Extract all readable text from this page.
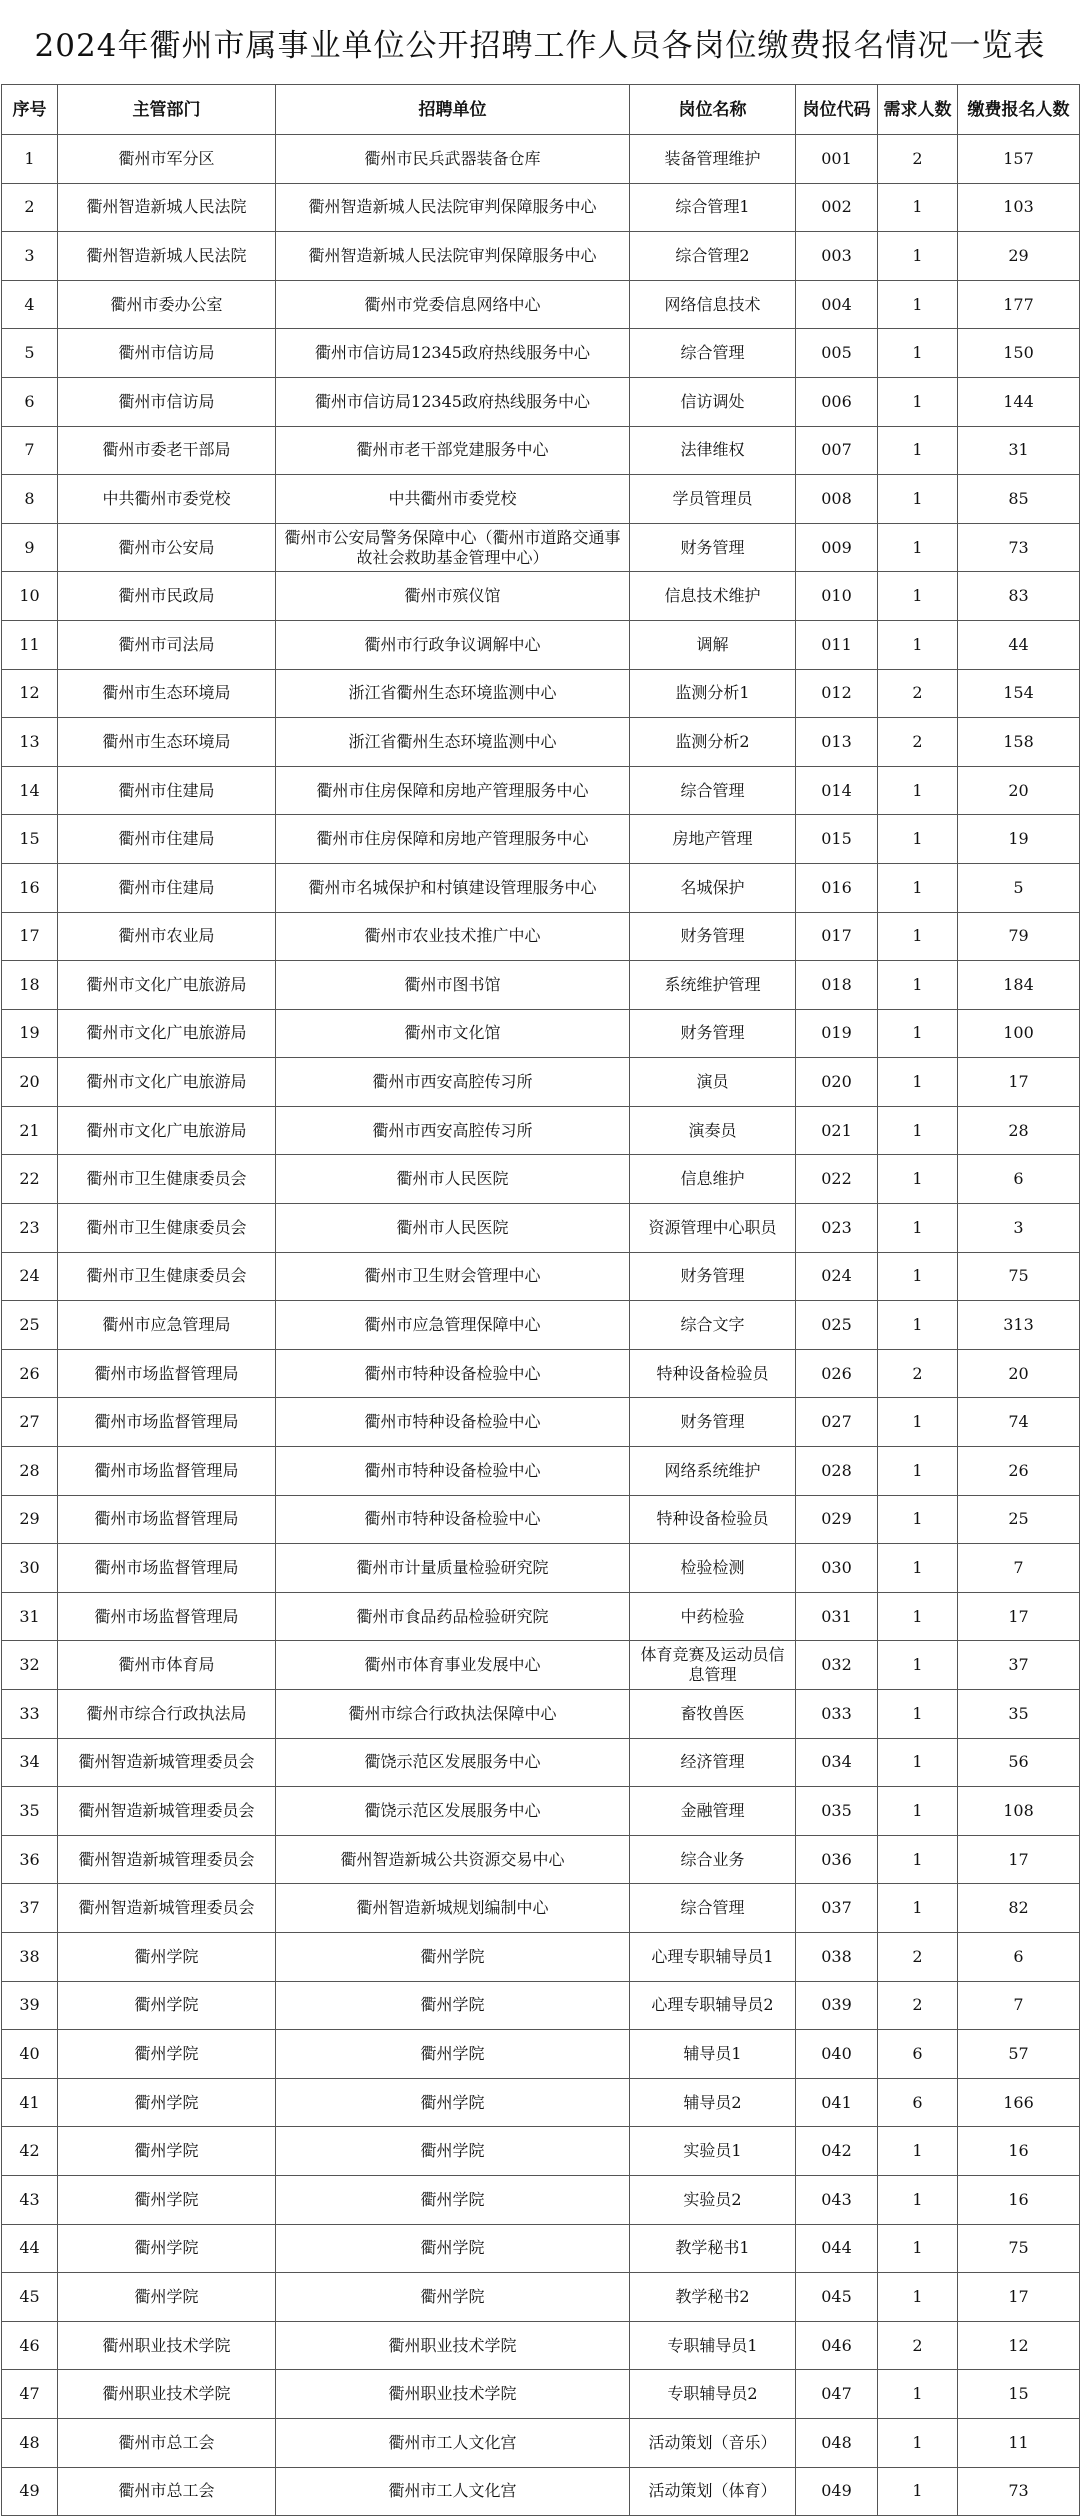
2024年衢州市属事业单位公开招聘工作人员各岗位缴费报名情况一览表
序号	主管部门	招聘单位	岗位名称	岗位代码	需求人数	缴费报名人数
1	衢州市军分区	衢州市民兵武器装备仓库	装备管理维护	001	2	157
2	衢州智造新城人民法院	衢州智造新城人民法院审判保障服务中心	综合管理1	002	1	103
3	衢州智造新城人民法院	衢州智造新城人民法院审判保障服务中心	综合管理2	003	1	29
4	衢州市委办公室	衢州市党委信息网络中心	网络信息技术	004	1	177
5	衢州市信访局	衢州市信访局12345政府热线服务中心	综合管理	005	1	150
6	衢州市信访局	衢州市信访局12345政府热线服务中心	信访调处	006	1	144
7	衢州市委老干部局	衢州市老干部党建服务中心	法律维权	007	1	31
8	中共衢州市委党校	中共衢州市委党校	学员管理员	008	1	85
9	衢州市公安局	衢州市公安局警务保障中心（衢州市道路交通事故社会救助基金管理中心）	财务管理	009	1	73
10	衢州市民政局	衢州市殡仪馆	信息技术维护	010	1	83
11	衢州市司法局	衢州市行政争议调解中心	调解	011	1	44
12	衢州市生态环境局	浙江省衢州生态环境监测中心	监测分析1	012	2	154
13	衢州市生态环境局	浙江省衢州生态环境监测中心	监测分析2	013	2	158
14	衢州市住建局	衢州市住房保障和房地产管理服务中心	综合管理	014	1	20
15	衢州市住建局	衢州市住房保障和房地产管理服务中心	房地产管理	015	1	19
16	衢州市住建局	衢州市名城保护和村镇建设管理服务中心	名城保护	016	1	5
17	衢州市农业局	衢州市农业技术推广中心	财务管理	017	1	79
18	衢州市文化广电旅游局	衢州市图书馆	系统维护管理	018	1	184
19	衢州市文化广电旅游局	衢州市文化馆	财务管理	019	1	100
20	衢州市文化广电旅游局	衢州市西安高腔传习所	演员	020	1	17
21	衢州市文化广电旅游局	衢州市西安高腔传习所	演奏员	021	1	28
22	衢州市卫生健康委员会	衢州市人民医院	信息维护	022	1	6
23	衢州市卫生健康委员会	衢州市人民医院	资源管理中心职员	023	1	3
24	衢州市卫生健康委员会	衢州市卫生财会管理中心	财务管理	024	1	75
25	衢州市应急管理局	衢州市应急管理保障中心	综合文字	025	1	313
26	衢州市场监督管理局	衢州市特种设备检验中心	特种设备检验员	026	2	20
27	衢州市场监督管理局	衢州市特种设备检验中心	财务管理	027	1	74
28	衢州市场监督管理局	衢州市特种设备检验中心	网络系统维护	028	1	26
29	衢州市场监督管理局	衢州市特种设备检验中心	特种设备检验员	029	1	25
30	衢州市场监督管理局	衢州市计量质量检验研究院	检验检测	030	1	7
31	衢州市场监督管理局	衢州市食品药品检验研究院	中药检验	031	1	17
32	衢州市体育局	衢州市体育事业发展中心	体育竞赛及运动员信息管理	032	1	37
33	衢州市综合行政执法局	衢州市综合行政执法保障中心	畜牧兽医	033	1	35
34	衢州智造新城管理委员会	衢饶示范区发展服务中心	经济管理	034	1	56
35	衢州智造新城管理委员会	衢饶示范区发展服务中心	金融管理	035	1	108
36	衢州智造新城管理委员会	衢州智造新城公共资源交易中心	综合业务	036	1	17
37	衢州智造新城管理委员会	衢州智造新城规划编制中心	综合管理	037	1	82
38	衢州学院	衢州学院	心理专职辅导员1	038	2	6
39	衢州学院	衢州学院	心理专职辅导员2	039	2	7
40	衢州学院	衢州学院	辅导员1	040	6	57
41	衢州学院	衢州学院	辅导员2	041	6	166
42	衢州学院	衢州学院	实验员1	042	1	16
43	衢州学院	衢州学院	实验员2	043	1	16
44	衢州学院	衢州学院	教学秘书1	044	1	75
45	衢州学院	衢州学院	教学秘书2	045	1	17
46	衢州职业技术学院	衢州职业技术学院	专职辅导员1	046	2	12
47	衢州职业技术学院	衢州职业技术学院	专职辅导员2	047	1	15
48	衢州市总工会	衢州市工人文化宫	活动策划（音乐）	048	1	11
49	衢州市总工会	衢州市工人文化宫	活动策划（体育）	049	1	73
